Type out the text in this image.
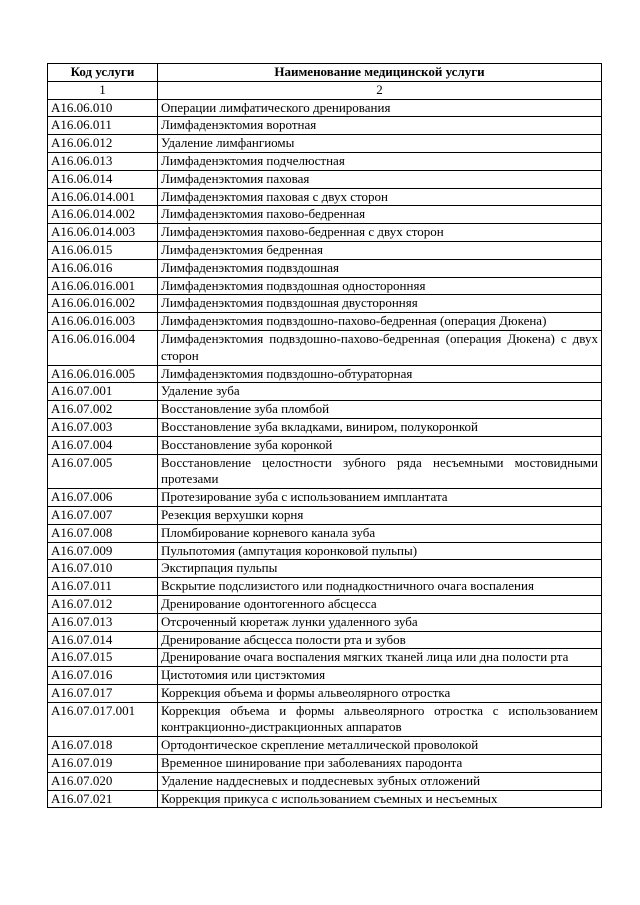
Код услуги	Наименование медицинской услуги
1	2
A16.06.010	Операции лимфатического дренирования
A16.06.011	Лимфаденэктомия воротная
A16.06.012	Удаление лимфангиомы
A16.06.013	Лимфаденэктомия подчелюстная
A16.06.014	Лимфаденэктомия паховая
A16.06.014.001	Лимфаденэктомия паховая с двух сторон
A16.06.014.002	Лимфаденэктомия пахово-бедренная
A16.06.014.003	Лимфаденэктомия пахово-бедренная с двух сторон
A16.06.015	Лимфаденэктомия бедренная
A16.06.016	Лимфаденэктомия подвздошная
A16.06.016.001	Лимфаденэктомия подвздошная односторонняя
A16.06.016.002	Лимфаденэктомия подвздошная двусторонняя
A16.06.016.003	Лимфаденэктомия подвздошно-пахово-бедренная (операция Дюкена)
A16.06.016.004	Лимфаденэктомия подвздошно-пахово-бедренная (операция Дюкена) с двух сторон
A16.06.016.005	Лимфаденэктомия подвздошно-обтураторная
A16.07.001	Удаление зуба
A16.07.002	Восстановление зуба пломбой
A16.07.003	Восстановление зуба вкладками, виниром, полукоронкой
A16.07.004	Восстановление зуба коронкой
A16.07.005	Восстановление целостности зубного ряда несъемными мостовидными протезами
A16.07.006	Протезирование зуба с использованием имплантата
A16.07.007	Резекция верхушки корня
A16.07.008	Пломбирование корневого канала зуба
A16.07.009	Пульпотомия (ампутация коронковой пульпы)
A16.07.010	Экстирпация пульпы
A16.07.011	Вскрытие подслизистого или поднадкостничного очага воспаления
A16.07.012	Дренирование одонтогенного абсцесса
A16.07.013	Отсроченный кюретаж лунки удаленного зуба
A16.07.014	Дренирование абсцесса полости рта и зубов
A16.07.015	Дренирование очага воспаления мягких тканей лица или дна полости рта
A16.07.016	Цистотомия или цистэктомия
A16.07.017	Коррекция объема и формы альвеолярного отростка
A16.07.017.001	Коррекция объема и формы альвеолярного отростка с использованием контракционно-дистракционных аппаратов
A16.07.018	Ортодонтическое скрепление металлической проволокой
A16.07.019	Временное шинирование при заболеваниях пародонта
A16.07.020	Удаление наддесневых и поддесневых зубных отложений
A16.07.021	Коррекция прикуса с использованием съемных и несъемных
